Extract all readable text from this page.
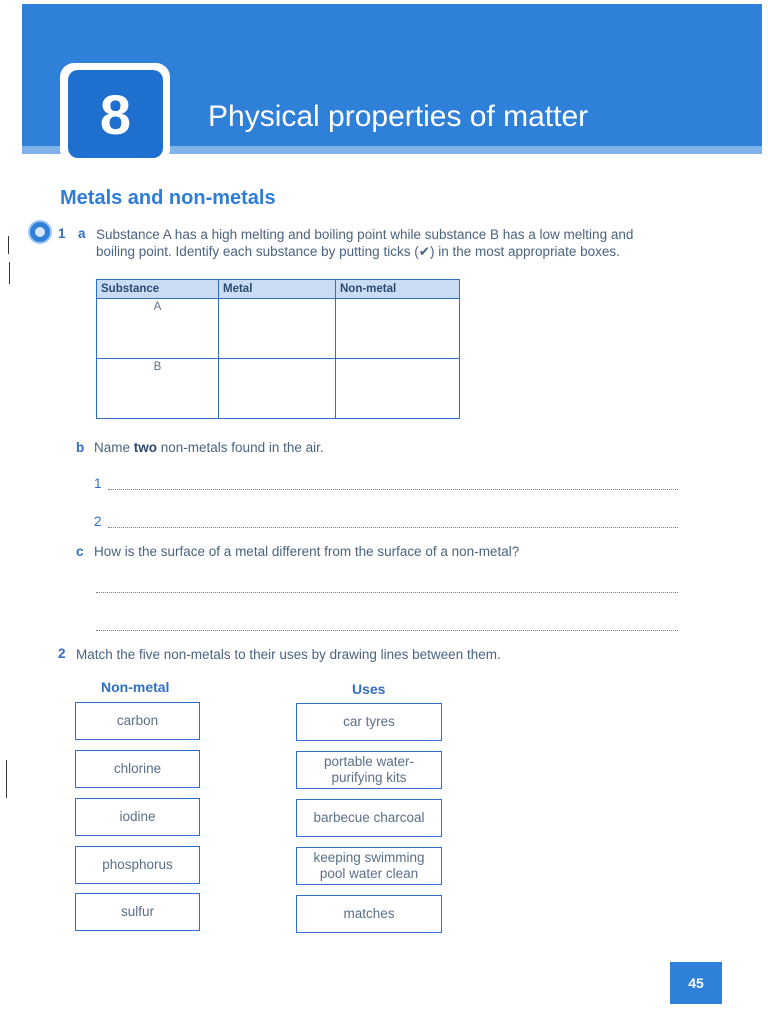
8	Physical properties of matter
Metals and non-metals
1 a Substance A has a high melting and boiling point while substance B has a low melting and
boiling point. Identify each substance by putting ticks (✔) in the most appropriate boxes.
Substance	Metal	Non-metal
A		
B		
b Name two non-metals found in the air.
1
2
c How is the surface of a metal different from the surface of a non-metal?
2 Match the five non-metals to their uses by drawing lines between them.
Non-metal	Uses
carbon
chlorine
iodine
phosphorus
sulfur
car tyres
portable water-
purifying kits
barbecue charcoal
keeping swimming
pool water clean
matches
45
